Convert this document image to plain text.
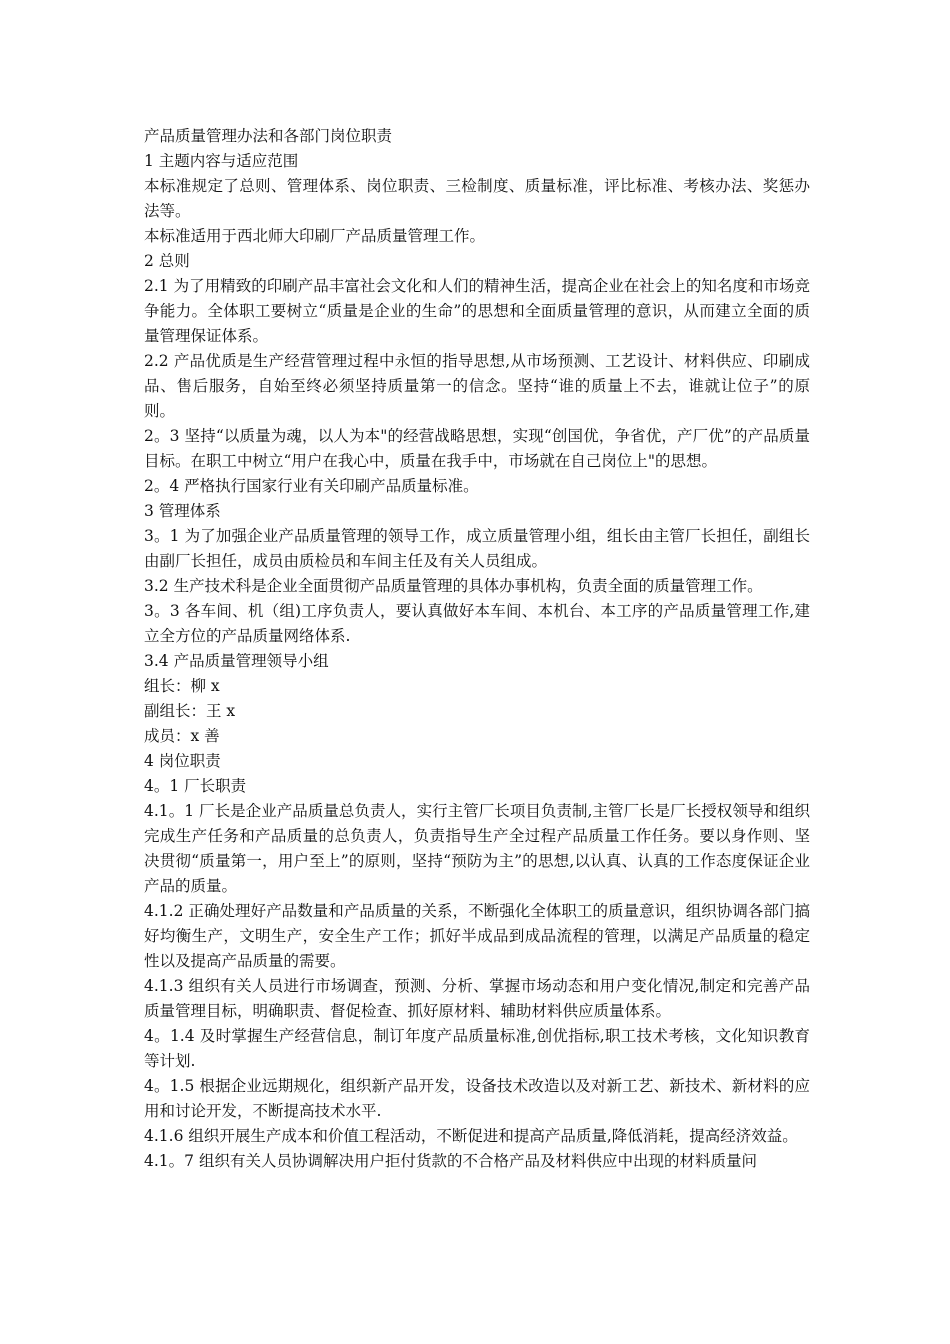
产品质量管理办法和各部门岗位职责

1 主题内容与适应范围

本标准规定了总则、管理体系、岗位职责、三检制度、质量标准，评比标准、考核办法、奖惩办法等。

本标准适用于西北师大印刷厂产品质量管理工作。

2 总则

2.1 为了用精致的印刷产品丰富社会文化和人们的精神生活，提高企业在社会上的知名度和市场竞争能力。全体职工要树立“质量是企业的生命”的思想和全面质量管理的意识，从而建立全面的质量管理保证体系。

2.2 产品优质是生产经营管理过程中永恒的指导思想,从市场预测、工艺设计、材料供应、印刷成品、售后服务，自始至终必须坚持质量第一的信念。坚持“谁的质量上不去，谁就让位子”的原则。

2。3 坚持“以质量为魂，以人为本"的经营战略思想，实现“创国优，争省优，产厂优”的产品质量目标。在职工中树立“用户在我心中，质量在我手中，市场就在自己岗位上"的思想。

2。4 严格执行国家行业有关印刷产品质量标准。

3 管理体系

3。1 为了加强企业产品质量管理的领导工作，成立质量管理小组，组长由主管厂长担任，副组长由副厂长担任，成员由质检员和车间主任及有关人员组成。

3.2 生产技术科是企业全面贯彻产品质量管理的具体办事机构，负责全面的质量管理工作。

3。3 各车间、机（组)工序负责人，要认真做好本车间、本机台、本工序的产品质量管理工作,建立全方位的产品质量网络体系.

3.4 产品质量管理领导小组

组长：柳 x

副组长：王 x

成员：x 善

4 岗位职责

4。1 厂长职责

4.1。1 厂长是企业产品质量总负责人，实行主管厂长项目负责制,主管厂长是厂长授权领导和组织完成生产任务和产品质量的总负责人，负责指导生产全过程产品质量工作任务。要以身作则、坚决贯彻“质量第一，用户至上”的原则，坚持“预防为主”的思想,以认真、认真的工作态度保证企业产品的质量。

4.1.2 正确处理好产品数量和产品质量的关系，不断强化全体职工的质量意识，组织协调各部门搞好均衡生产，文明生产，安全生产工作；抓好半成品到成品流程的管理，以满足产品质量的稳定性以及提高产品质量的需要。

4.1.3 组织有关人员进行市场调查，预测、分析、掌握市场动态和用户变化情况,制定和完善产品质量管理目标，明确职责、督促检查、抓好原材料、辅助材料供应质量体系。

4。1.4 及时掌握生产经营信息，制订年度产品质量标准,创优指标,职工技术考核，文化知识教育等计划.

4。1.5 根据企业远期规化，组织新产品开发，设备技术改造以及对新工艺、新技术、新材料的应用和讨论开发，不断提高技术水平.

4.1.6 组织开展生产成本和价值工程活动，不断促进和提高产品质量,降低消耗，提高经济效益。

4.1。7 组织有关人员协调解决用户拒付货款的不合格产品及材料供应中出现的材料质量问
